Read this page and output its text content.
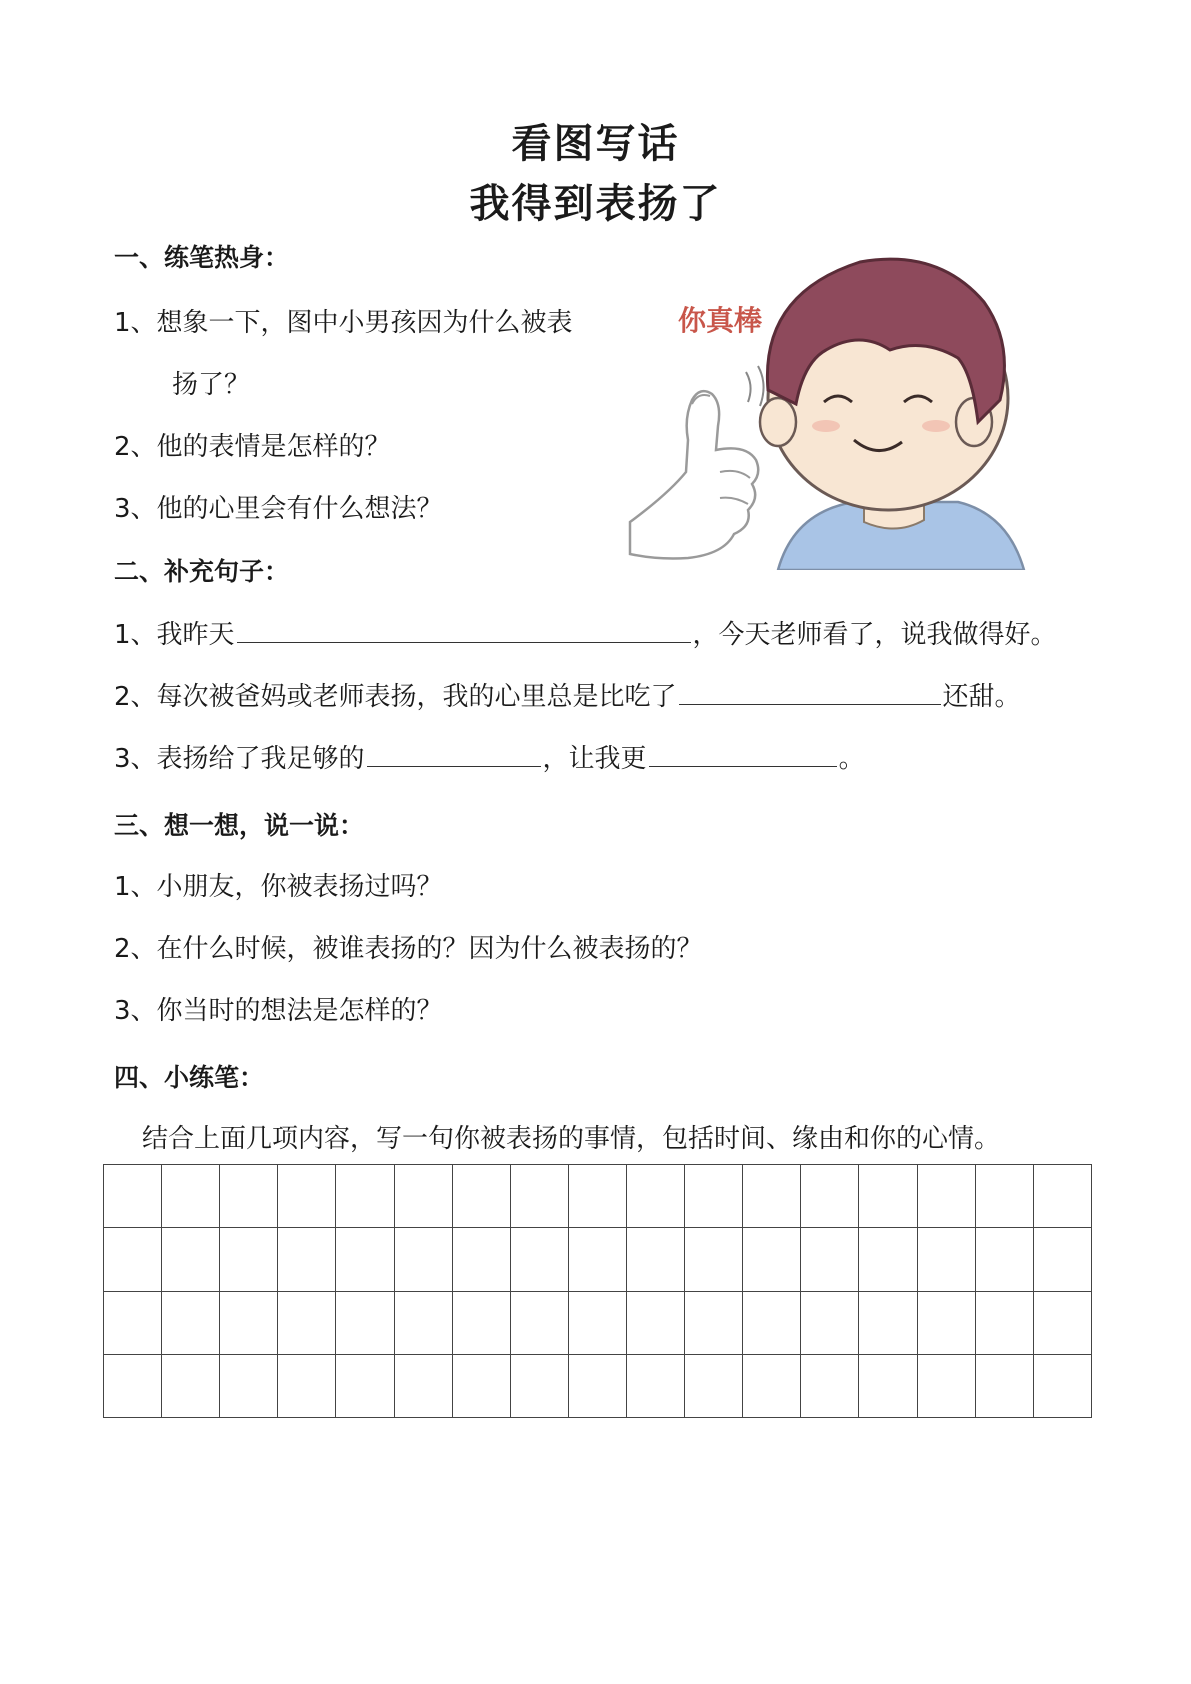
看图写话
我得到表扬了
一、练笔热身：
1、想象一下，图中小男孩因为什么被表
扬了？
2、他的表情是怎样的？
3、他的心里会有什么想法？
你真棒
二、补充句子：
1、我昨天	，今天老师看了，说我做得好。
2、每次被爸妈或老师表扬，我的心里总是比吃了	还甜。
3、表扬给了我足够的	，让我更	。
三、想一想，说一说：
1、小朋友，你被表扬过吗？
2、在什么时候，被谁表扬的？因为什么被表扬的？
3、你当时的想法是怎样的？
四、小练笔：
结合上面几项内容，写一句你被表扬的事情，包括时间、缘由和你的心情。
